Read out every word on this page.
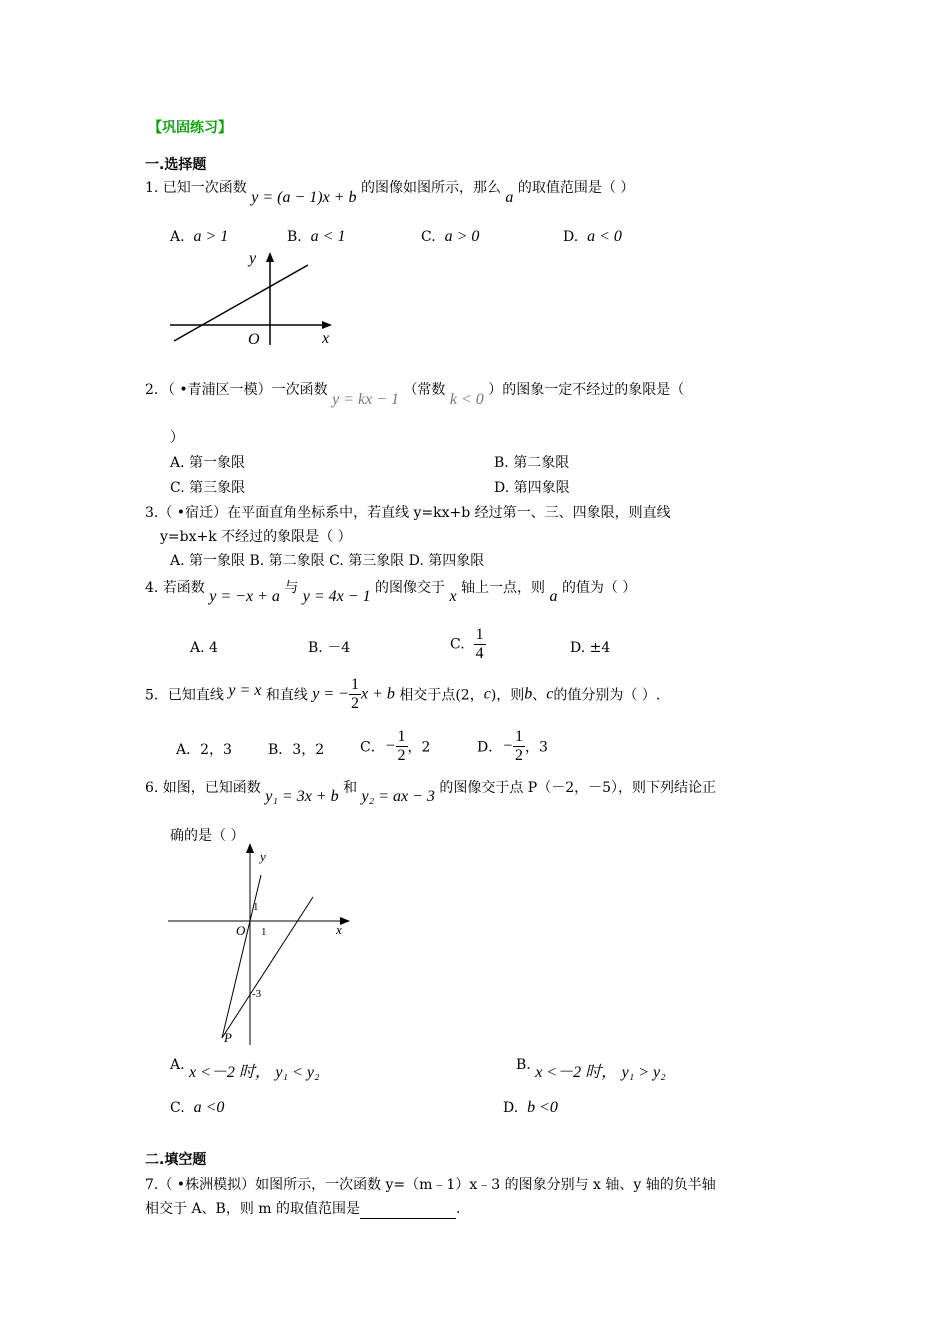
【巩固练习】
一.选择题
1. 已知一次函数 y = (a − 1)x + b 的图像如图所示，那么 a 的取值范围是（ ）
A. a > 1	B. a < 1	C. a > 0	D. a < 0
y
x
O
2．（ •青浦区一模）一次函数 y = kx − 1 （常数 k < 0 ）的图象一定不经过的象限是（
）
A. 第一象限	B. 第二象限
C. 第三象限	D. 第四象限
3.（ •宿迁）在平面直角坐标系中，若直线 y=kx+b 经过第一、三、四象限，则直线
y=bx+k 不经过的象限是（ ）
A. 第一象限 B. 第二象限 C. 第三象限 D. 第四象限
4. 若函数 y = −x + a 与 y = 4x − 1 的图像交于 x 轴上一点，则 a 的值为（ ）
A. 4	B. －4	C. $\frac{1}{4}$	D. ±4
5．已知直线 y = x 和直线 y = − $\frac{1}{2}$ x + b 相交于点(2，c)，则b、c的值分别为（ ）.
A．2，3	B．3，2	C．− $\frac{1}{2}$ ，2	D．− $\frac{1}{2}$ ，3
6. 如图，已知函数 y₁ = 3x + b 和 y₂ = ax − 3 的图像交于点 P（－2，－5），则下列结论正
确的是（ ）
y
x
O 1
1
-3
P
A. x <－2 时， y₁ < y₂	B. x <－2 时， y₁ > y₂
C. a <0	D. b <0
二.填空题
7.（ •株洲模拟）如图所示，一次函数 y=（m﹣1）x﹣3 的图象分别与 x 轴、y 轴的负半轴
相交于 A、B，则 m 的取值范围是	.
